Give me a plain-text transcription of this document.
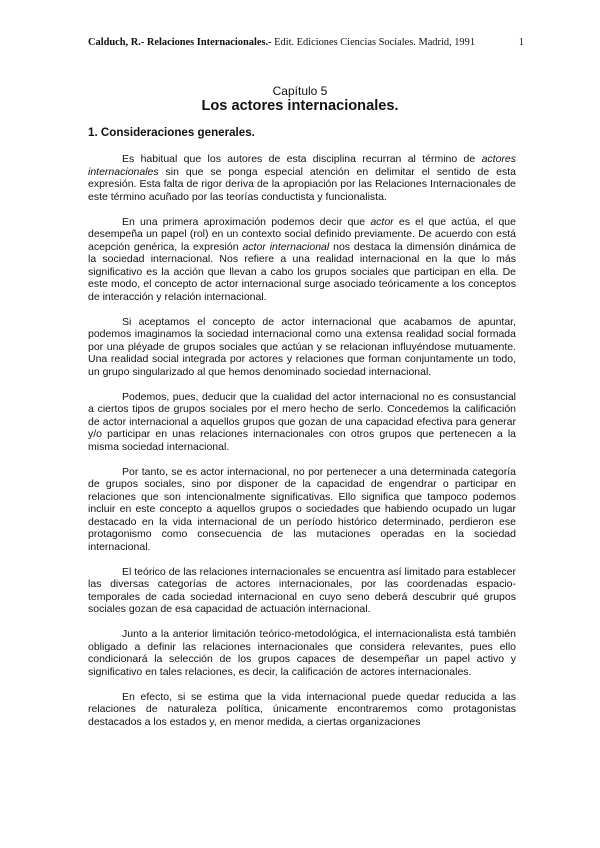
Calduch, R.- Relaciones Internacionales.- Edit. Ediciones Ciencias Sociales. Madrid, 1991	1
Capítulo 5
Los actores internacionales.
1. Consideraciones generales.

Es habitual que los autores de esta disciplina recurran al término de actores internacionales sin que se ponga especial atención en delimitar el sentido de esta expresión. Esta falta de rigor deriva de la apropiación por las Relaciones Internacionales de este término acuñado por las teorías conductista y funcionalista.

En una primera aproximación podemos decir que actor es el que actúa, el que desempeña un papel (rol) en un contexto social definido previamente. De acuerdo con está acepción genérica, la expresión actor internacional nos destaca la dimensión dinámica de la sociedad internacional. Nos refiere a una realidad internacional en la que lo más significativo es la acción que llevan a cabo los grupos sociales que participan en ella. De este modo, el concepto de actor internacional surge asociado teóricamente a los conceptos de interacción y relación internacional.

Si aceptamos el concepto de actor internacional que acabamos de apuntar, podemos imaginamos la sociedad internacional como una extensa realidad social formada por una pléyade de grupos sociales que actúan y se relacionan influyéndose mutuamente. Una realidad social integrada por actores y relaciones que forman conjuntamente un todo, un grupo singularizado al que hemos denominado sociedad internacional.

Podemos, pues, deducir que la cualidad del actor internacional no es consustancial a ciertos tipos de grupos sociales por el mero hecho de serlo. Concedemos la calificación de actor internacional a aquellos grupos que gozan de una capacidad efectiva para generar y/o participar en unas relaciones internacionales con otros grupos que pertenecen a la misma sociedad internacional.

Por tanto, se es actor internacional, no por pertenecer a una determinada categoría de grupos sociales, sino por disponer de la capacidad de engendrar o participar en relaciones que son intencionalmente significativas. Ello significa que tampoco podemos incluir en este concepto a aquellos grupos o sociedades que habiendo ocupado un lugar destacado en la vida internacional de un período histórico determinado, perdieron ese protagonismo como consecuencia de las mutaciones operadas en la sociedad internacional.

El teórico de las relaciones internacionales se encuentra así limitado para establecer las diversas categorías de actores internacionales, por las coordenadas espacio-temporales de cada sociedad internacional en cuyo seno deberá descubrir qué grupos sociales gozan de esa capacidad de actuación internacional.

Junto a la anterior limitación teórico-metodológica, el internacionalista está también obligado a definir las relaciones internacionales que considera relevantes, pues ello condicionará la selección de los grupos capaces de desempeñar un papel activo y significativo en tales relaciones, es decir, la calificación de actores internacionales.

En efecto, si se estima que la vida internacional puede quedar reducida a las relaciones de naturaleza política, únicamente encontraremos como protagonistas destacados a los estados y, en menor medida, a ciertas organizaciones
